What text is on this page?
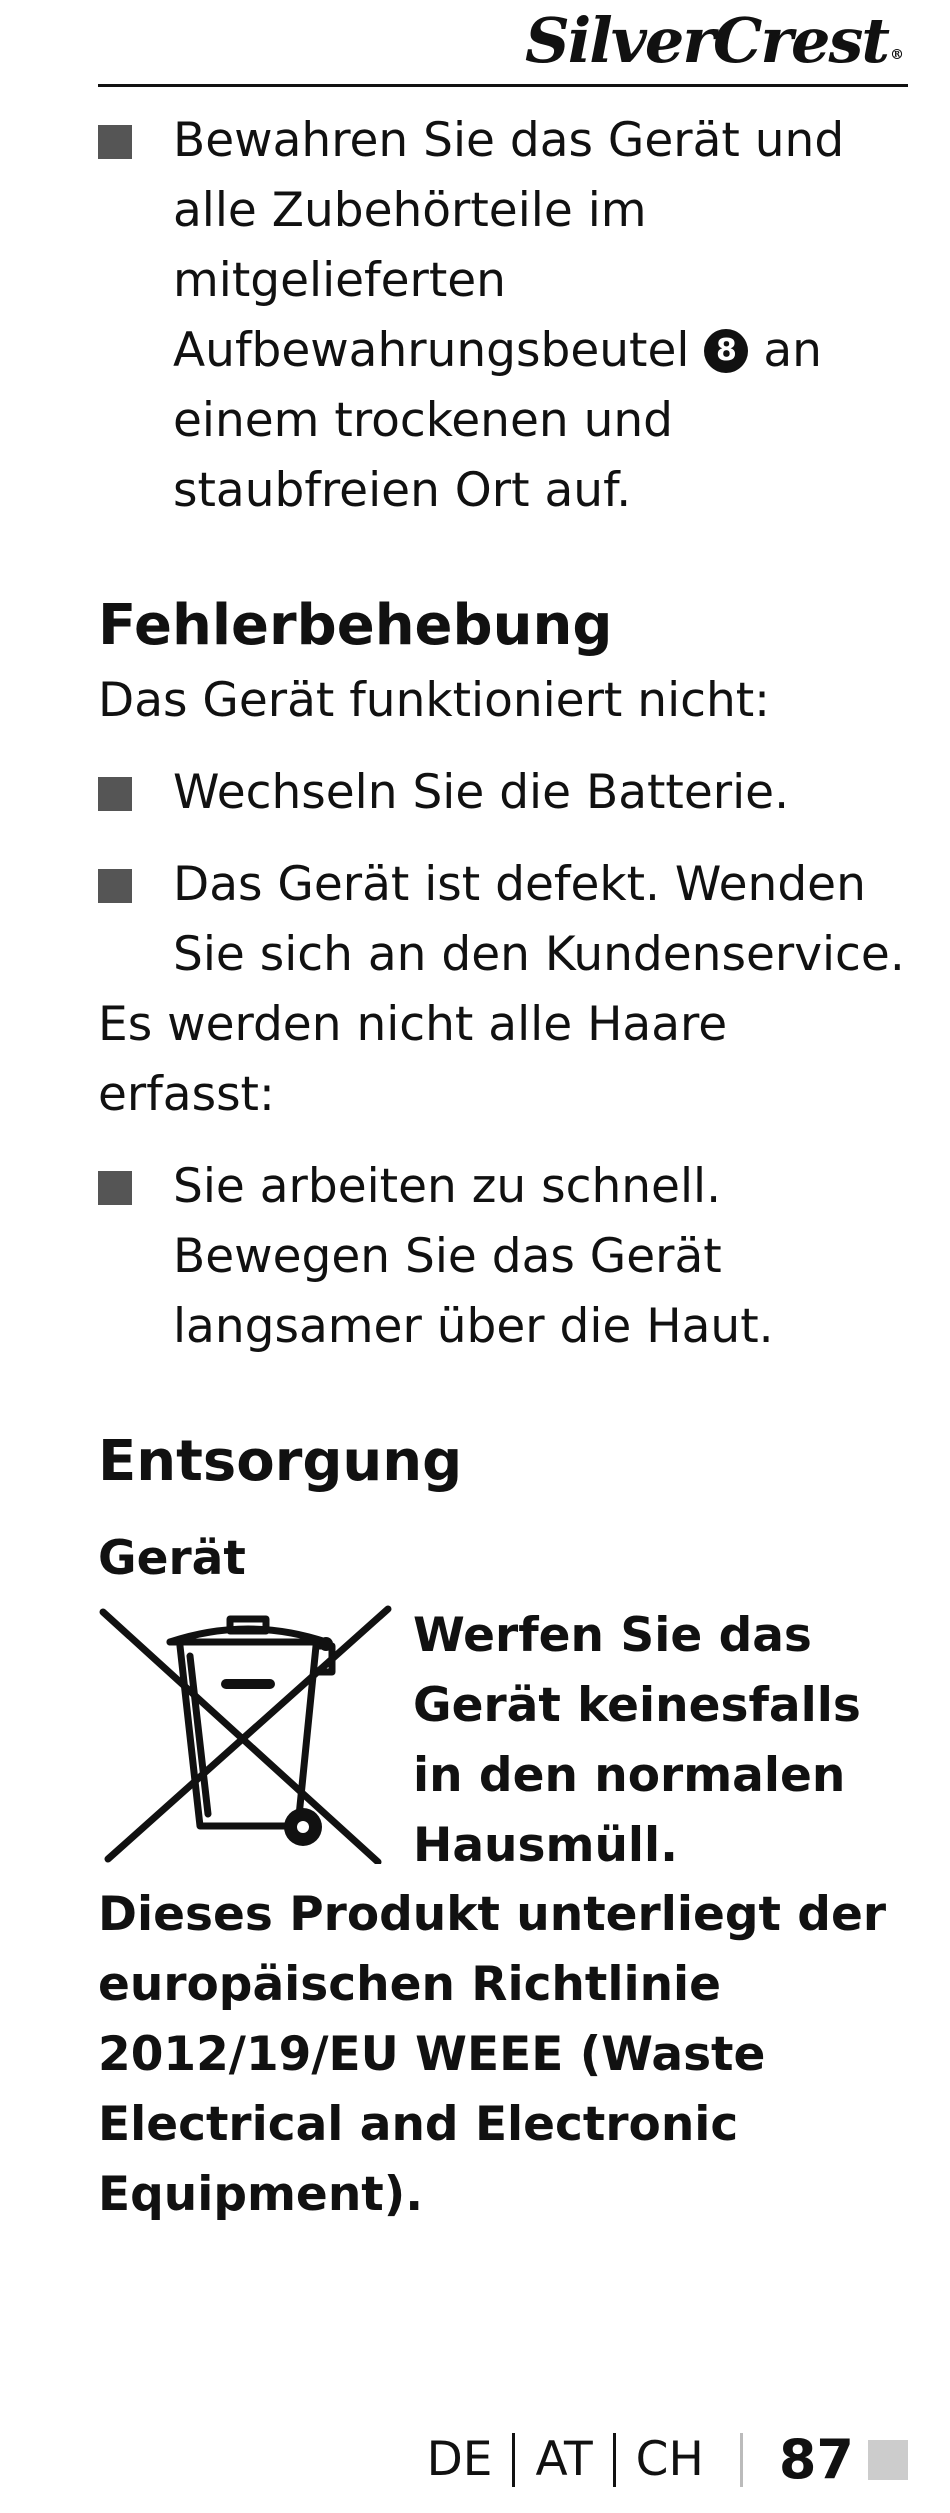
SilverCrest ®
Bewahren Sie das Gerät und alle Zubehörteile im mitgelieferten Aufbewahrungsbeutel 8 an einem trockenen und staubfreien Ort auf.
Fehlerbehebung

Das Gerät funktioniert nicht:

Wechseln Sie die Batterie.
Das Gerät ist defekt. Wenden Sie sich an den Kundenservice.

Es werden nicht alle Haare erfasst:

Sie arbeiten zu schnell. Bewegen Sie das Gerät langsamer über die Haut.
Entsorgung
Gerät
Werfen Sie das Gerät keinesfalls in den normalen Hausmüll.
Dieses Produkt unterliegt der europäischen Richtlinie 2012/19/EU WEEE (Waste Electrical and Electronic Equipment).
DE AT CH 87
